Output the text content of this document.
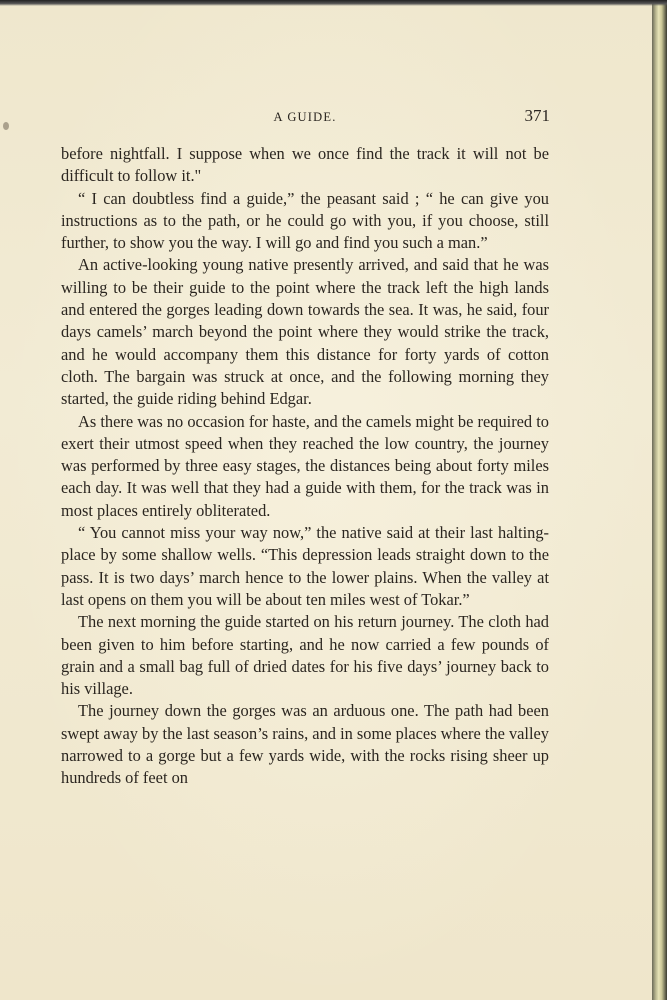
A GUIDE.	371

before nightfall. I suppose when we once find the track it will not be difficult to follow it."

“ I can doubtless find a guide,” the peasant said ; “ he can give you instructions as to the path, or he could go with you, if you choose, still further, to show you the way. I will go and find you such a man.”

An active-looking young native presently arrived, and said that he was willing to be their guide to the point where the track left the high lands and entered the gorges leading down towards the sea. It was, he said, four days camels’ march beyond the point where they would strike the track, and he would accompany them this distance for forty yards of cotton cloth. The bargain was struck at once, and the following morning they started, the guide riding behind Edgar.

As there was no occasion for haste, and the camels might be required to exert their utmost speed when they reached the low country, the journey was performed by three easy stages, the distances being about forty miles each day. It was well that they had a guide with them, for the track was in most places entirely obliterated.

“ You cannot miss your way now,” the native said at their last halting-place by some shallow wells. “This depression leads straight down to the pass. It is two days’ march hence to the lower plains. When the valley at last opens on them you will be about ten miles west of Tokar.”

The next morning the guide started on his return journey. The cloth had been given to him before starting, and he now carried a few pounds of grain and a small bag full of dried dates for his five days’ journey back to his village.

The journey down the gorges was an arduous one. The path had been swept away by the last season’s rains, and in some places where the valley narrowed to a gorge but a few yards wide, with the rocks rising sheer up hundreds of feet on
